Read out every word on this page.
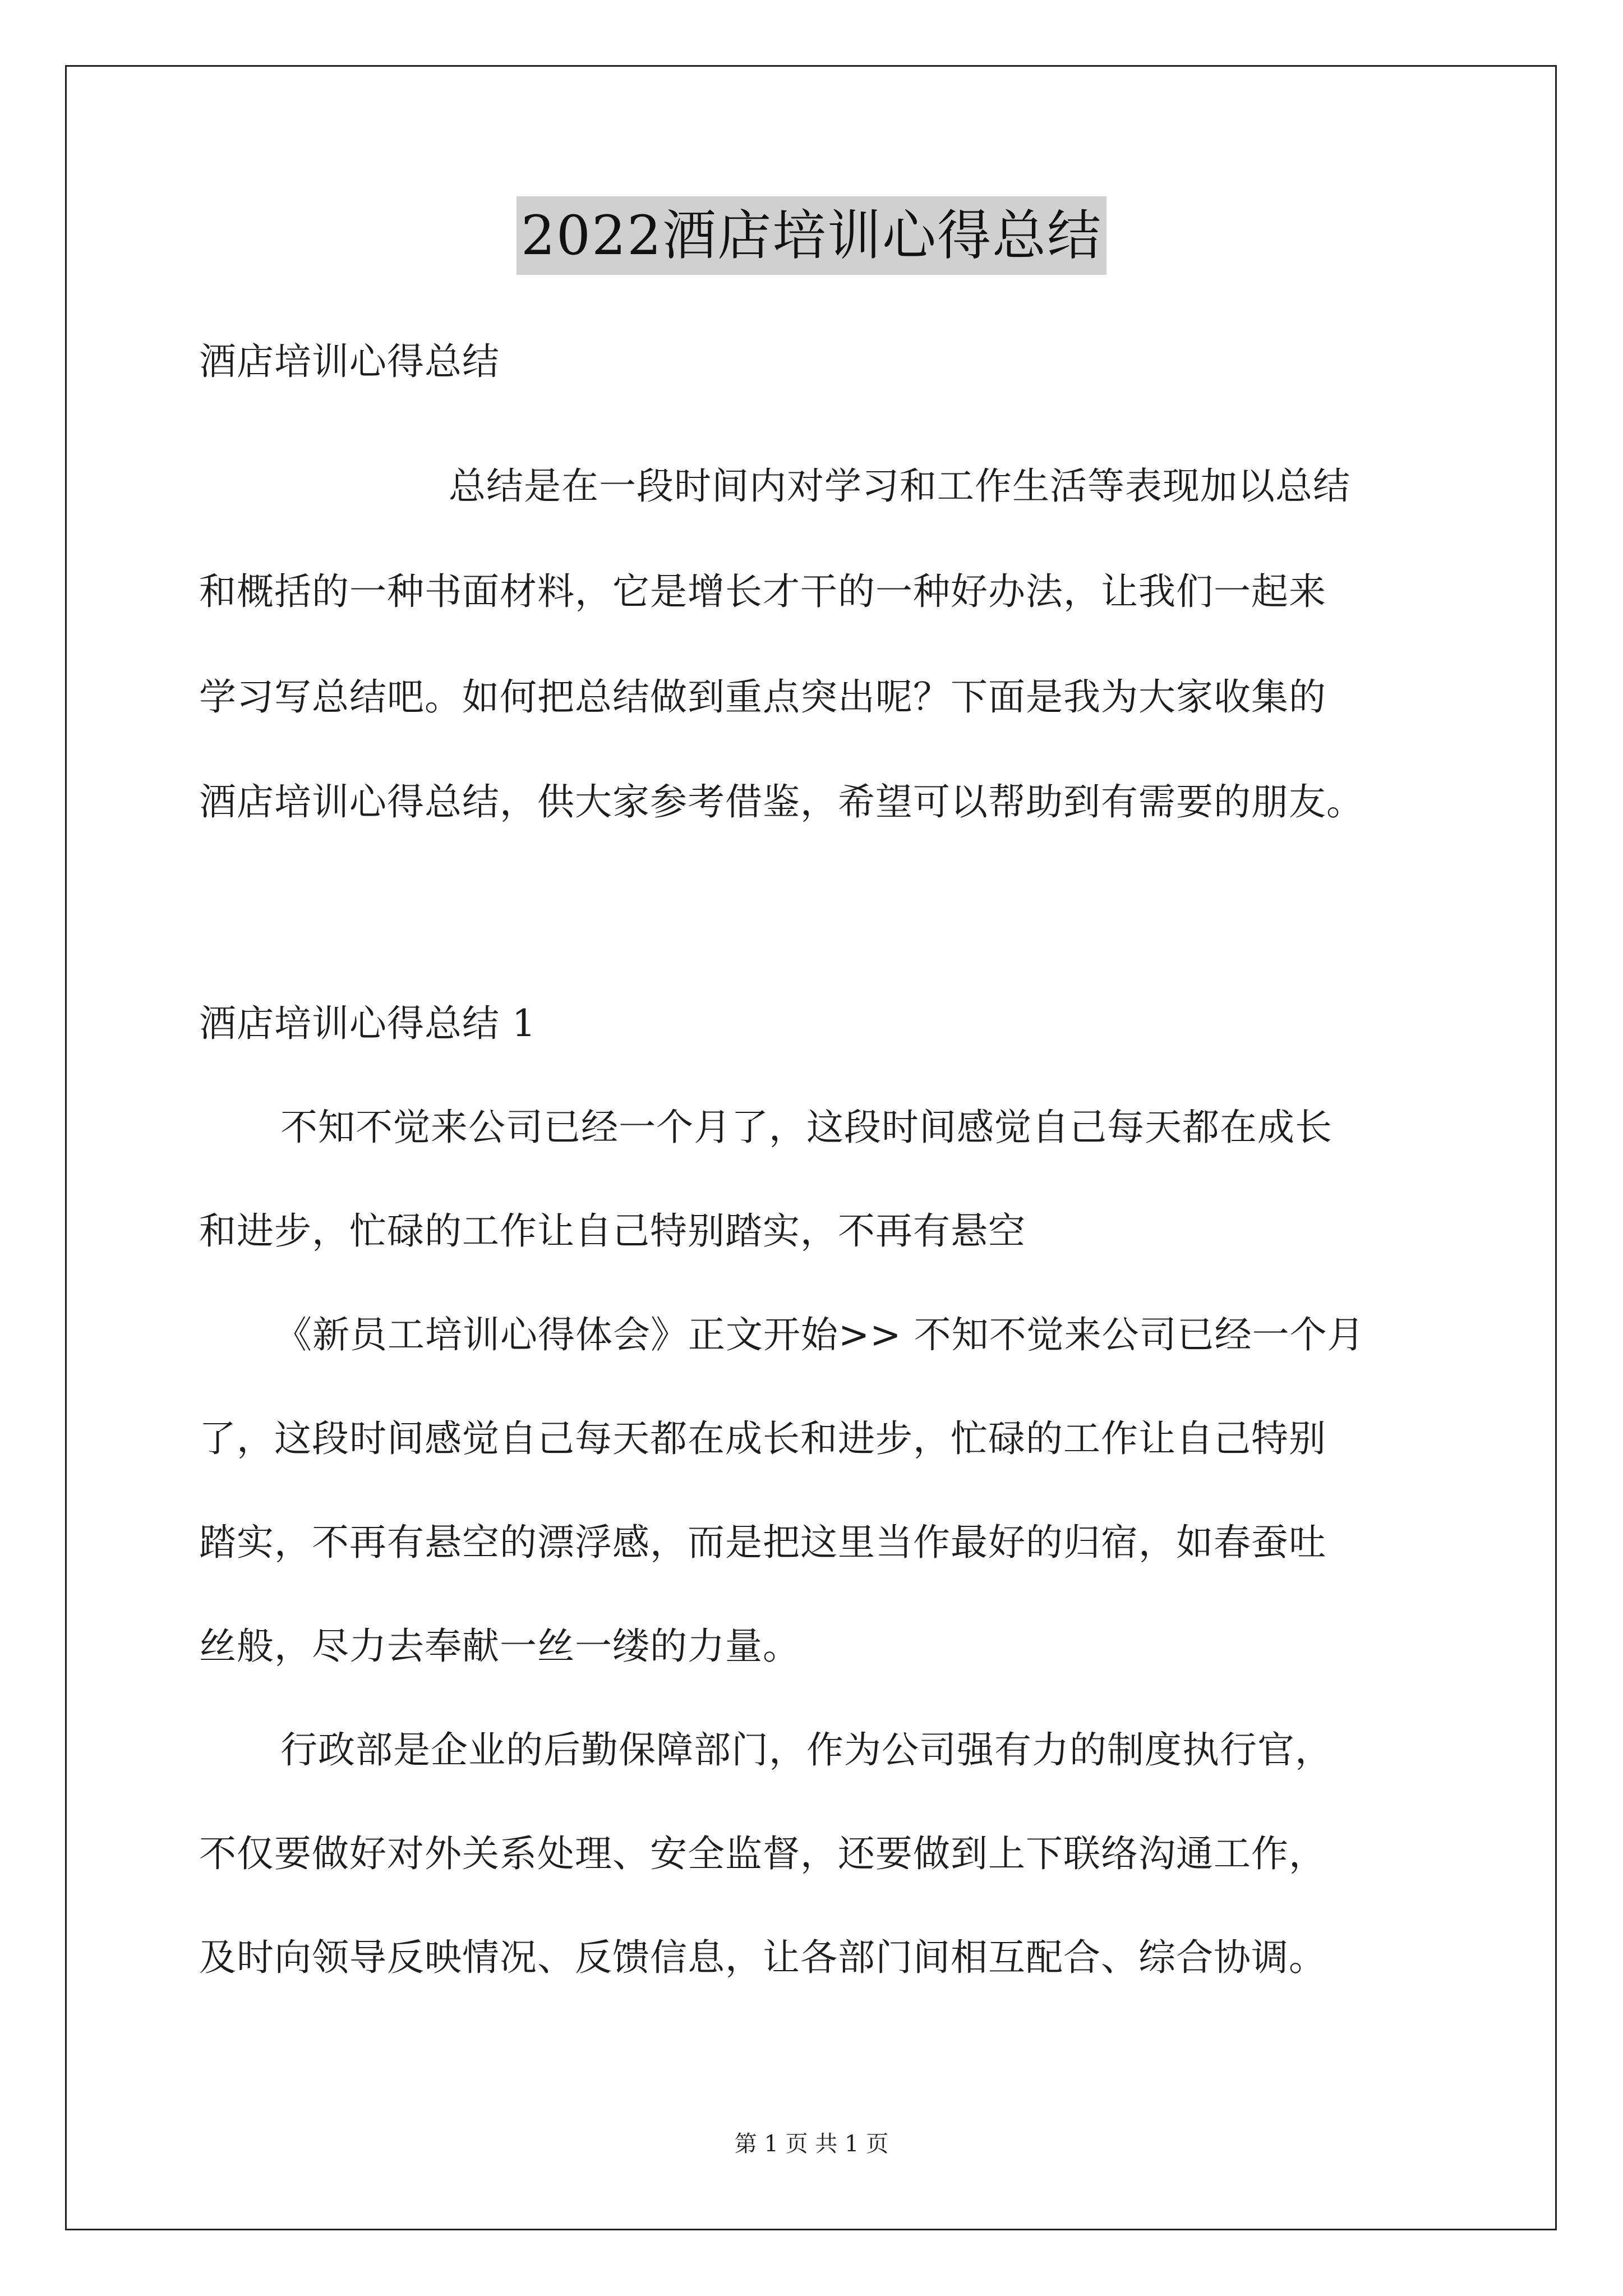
2022酒店培训心得总结
酒店培训心得总结
总结是在一段时间内对学习和工作生活等表现加以总结
和概括的一种书面材料，它是增长才干的一种好办法，让我们一起来
学习写总结吧。如何把总结做到重点突出呢？下面是我为大家收集的
酒店培训心得总结，供大家参考借鉴，希望可以帮助到有需要的朋友。
酒店培训心得总结 1
不知不觉来公司已经一个月了，这段时间感觉自己每天都在成长
和进步，忙碌的工作让自己特别踏实，不再有悬空
《新员工培训心得体会》正文开始>> 不知不觉来公司已经一个月
了，这段时间感觉自己每天都在成长和进步，忙碌的工作让自己特别
踏实，不再有悬空的漂浮感，而是把这里当作最好的归宿，如春蚕吐
丝般，尽力去奉献一丝一缕的力量。
行政部是企业的后勤保障部门，作为公司强有力的制度执行官，
不仅要做好对外关系处理、安全监督，还要做到上下联络沟通工作，
及时向领导反映情况、反馈信息，让各部门间相互配合、综合协调。
第 1 页 共 1 页
